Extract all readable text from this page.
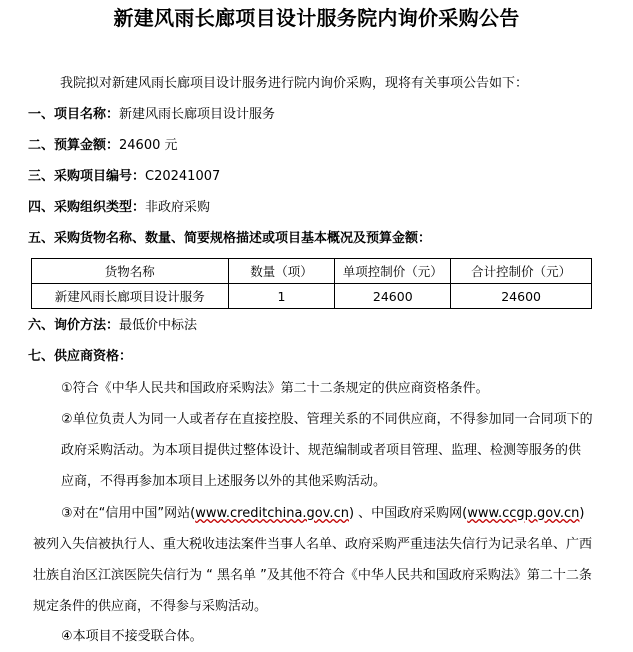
新建风雨长廊项目设计服务院内询价采购公告
我院拟对新建风雨长廊项目设计服务进行院内询价采购，现将有关事项公告如下：
一、项目名称：新建风雨长廊项目设计服务
二、预算金额：24600 元
三、采购项目编号：C20241007
四、采购组织类型：非政府采购
五、采购货物名称、数量、简要规格描述或项目基本概况及预算金额：
货物名称	数量（项）	单项控制价（元）	合计控制价（元）
新建风雨长廊项目设计服务	1	24600	24600
六、询价方法：最低价中标法
七、供应商资格：
①符合《中华人民共和国政府采购法》第二十二条规定的供应商资格条件。
②单位负责人为同一人或者存在直接控股、管理关系的不同供应商，不得参加同一合同项下的政府采购活动。为本项目提供过整体设计、规范编制或者项目管理、监理、检测等服务的供应商，不得再参加本项目上述服务以外的其他采购活动。
③对在“信用中国”网站(www.creditchina.gov.cn) 、中国政府采购网(www.ccgp.gov.cn)被列入失信被执行人、重大税收违法案件当事人名单、政府采购严重违法失信行为记录名单、广西壮族自治区江滨医院失信行为 “ 黑名单 ”及其他不符合《中华人民共和国政府采购法》第二十二条规定条件的供应商，不得参与采购活动。
④本项目不接受联合体。
